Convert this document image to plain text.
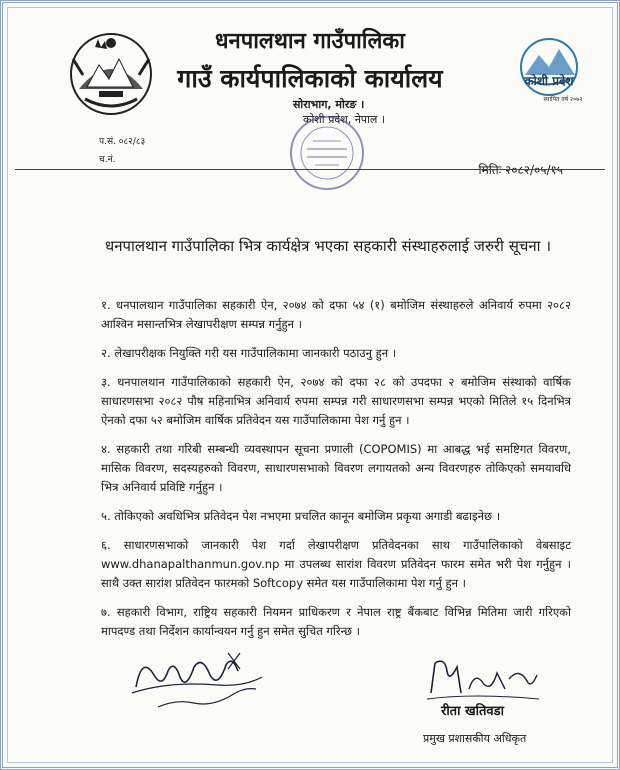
धनपालथान गाउँपालिका
गाउँ कार्यपालिकाको कार्यालय
सोराभाग, मोरङ ।
कोशी प्रदेश, नेपाल ।
कोशी प्रदेश
स्थापित वर्ष २०७२
प.सं. ०८२/८३
च.नं.
मितिः २०८२/०५/१५
धनपालथान गाउँपालिका भित्र कार्यक्षेत्र भएका सहकारी संस्थाहरुलाई जरुरी सूचना ।

१. धनपालथान गाउँपालिका सहकारी ऐन, २०७४ को दफा ५४ (१) बमोजिम संस्थाहरुले अनिवार्य रुपमा २०८२ आश्विन मसान्तभित्र लेखापरीक्षण सम्पन्न गर्नुहुन ।

२. लेखापरीक्षक नियुक्ति गरी यस गाउँपालिकामा जानकारी पठाउनु हुन ।

३. धनपालथान गाउँपालिकाको सहकारी ऐन, २०७४ को दफा २८ को उपदफा २ बमोजिम संस्थाको वार्षिक साधारणसभा २०८२ पौष महिनाभित्र अनिवार्य रुपमा सम्पन्न गरी साधारणसभा सम्पन्न भएको मितिले १५ दिनभित्र ऐनको दफा ५२ बमोजिम वार्षिक प्रतिवेदन यस गाउँपालिकामा पेश गर्नु हुन ।

४. सहकारी तथा गरिबी सम्बन्धी व्यवस्थापन सूचना प्रणाली (COPOMIS) मा आबद्ध भई समष्टिगत विवरण, मासिक विवरण, सदस्यहरुको विवरण, साधारणसभाको विवरण लगायतको अन्य विवरणहरु तोकिएको समयावधि भित्र अनिवार्य प्रविष्टि गर्नुहुन ।

५. तोकिएको अवधिभित्र प्रतिवेदन पेश नभएमा प्रचलित कानून बमोजिम प्रकृया अगाडी बढाइनेछ ।

६. साधारणसभाको जानकारी पेश गर्दा लेखापरीक्षण प्रतिवेदनका साथ गाउँपालिकाको वेबसाइट www.dhanapalthanmun.gov.np मा उपलब्ध सारांश विवरण प्रतिवेदन फारम समेत भरी पेश गर्नुहुन । साथै उक्त सारांश प्रतिवेदन फारमको Softcopy समेत यस गाउँपालिकामा पेश गर्नु हुन ।

७. सहकारी विभाग, राष्ट्रिय सहकारी नियमन प्राधिकरण र नेपाल राष्ट्र बैंकबाट विभिन्न मितिमा जारी गरिएको मापदण्ड तथा निर्देशन कार्यान्वयन गर्नु हुन समेत सुचित गरिन्छ ।

रीता खतिवडा
प्रमुख प्रशासकीय अधिकृत
